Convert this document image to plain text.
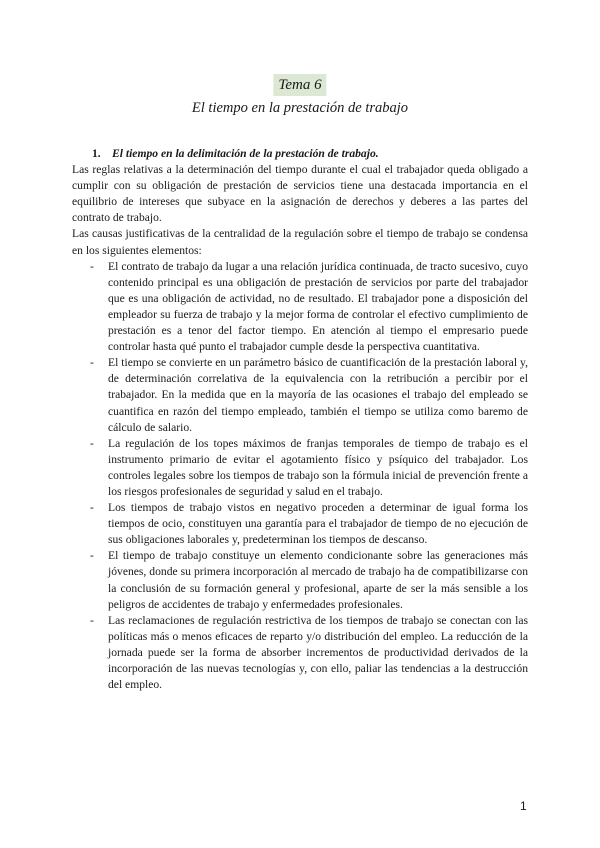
Tema 6
El tiempo en la prestación de trabajo

1. El tiempo en la delimitación de la prestación de trabajo.

Las reglas relativas a la determinación del tiempo durante el cual el trabajador queda obligado a cumplir con su obligación de prestación de servicios tiene una destacada importancia en el equilibrio de intereses que subyace en la asignación de derechos y deberes a las partes del contrato de trabajo.

Las causas justificativas de la centralidad de la regulación sobre el tiempo de trabajo se condensa en los siguientes elementos:

- El contrato de trabajo da lugar a una relación jurídica continuada, de tracto sucesivo, cuyo contenido principal es una obligación de prestación de servicios por parte del trabajador que es una obligación de actividad, no de resultado. El trabajador pone a disposición del empleador su fuerza de trabajo y la mejor forma de controlar el efectivo cumplimiento de prestación es a tenor del factor tiempo. En atención al tiempo el empresario puede controlar hasta qué punto el trabajador cumple desde la perspectiva cuantitativa.
- El tiempo se convierte en un parámetro básico de cuantificación de la prestación laboral y, de determinación correlativa de la equivalencia con la retribución a percibir por el trabajador. En la medida que en la mayoría de las ocasiones el trabajo del empleado se cuantifica en razón del tiempo empleado, también el tiempo se utiliza como baremo de cálculo de salario.
- La regulación de los topes máximos de franjas temporales de tiempo de trabajo es el instrumento primario de evitar el agotamiento físico y psíquico del trabajador. Los controles legales sobre los tiempos de trabajo son la fórmula inicial de prevención frente a los riesgos profesionales de seguridad y salud en el trabajo.
- Los tiempos de trabajo vistos en negativo proceden a determinar de igual forma los tiempos de ocio, constituyen una garantía para el trabajador de tiempo de no ejecución de sus obligaciones laborales y, predeterminan los tiempos de descanso.
- El tiempo de trabajo constituye un elemento condicionante sobre las generaciones más jóvenes, donde su primera incorporación al mercado de trabajo ha de compatibilizarse con la conclusión de su formación general y profesional, aparte de ser la más sensible a los peligros de accidentes de trabajo y enfermedades profesionales.
- Las reclamaciones de regulación restrictiva de los tiempos de trabajo se conectan con las políticas más o menos eficaces de reparto y/o distribución del empleo. La reducción de la jornada puede ser la forma de absorber incrementos de productividad derivados de la incorporación de las nuevas tecnologías y, con ello, paliar las tendencias a la destrucción del empleo.
1
